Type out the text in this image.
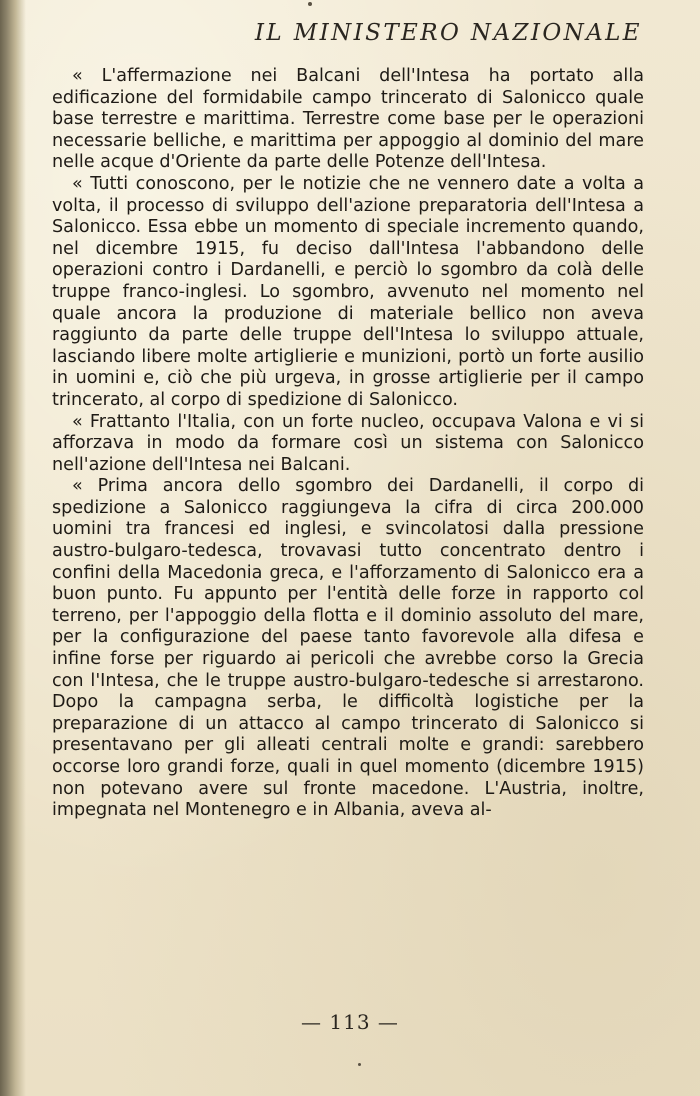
IL MINISTERO NAZIONALE

« L'affermazione nei Balcani dell'Intesa ha portato alla edificazione del formidabile campo trincerato di Salonicco quale base terrestre e marittima. Terrestre come base per le operazioni necessarie belliche, e marittima per appoggio al dominio del mare nelle acque d'Oriente da parte delle Potenze dell'Intesa.

« Tutti conoscono, per le notizie che ne vennero date a volta a volta, il processo di sviluppo dell'azione preparatoria dell'Intesa a Salonicco. Essa ebbe un momento di speciale incremento quando, nel dicembre 1915, fu deciso dall'Intesa l'abbandono delle operazioni contro i Dardanelli, e perciò lo sgombro da colà delle truppe franco-inglesi. Lo sgombro, avvenuto nel momento nel quale ancora la produzione di materiale bellico non aveva raggiunto da parte delle truppe dell'Intesa lo sviluppo attuale, lasciando libere molte artiglierie e munizioni, portò un forte ausilio in uomini e, ciò che più urgeva, in grosse artiglierie per il campo trincerato, al corpo di spedizione di Salonicco.

« Frattanto l'Italia, con un forte nucleo, occupava Valona e vi si afforzava in modo da formare così un sistema con Salonicco nell'azione dell'Intesa nei Balcani.

« Prima ancora dello sgombro dei Dardanelli, il corpo di spedizione a Salonicco raggiungeva la cifra di circa 200.000 uomini tra francesi ed inglesi, e svincolatosi dalla pressione austro-bulgaro-tedesca, trovavasi tutto concentrato dentro i confini della Macedonia greca, e l'afforzamento di Salonicco era a buon punto. Fu appunto per l'entità delle forze in rapporto col terreno, per l'appoggio della flotta e il dominio assoluto del mare, per la configurazione del paese tanto favorevole alla difesa e infine forse per riguardo ai pericoli che avrebbe corso la Grecia con l'Intesa, che le truppe austro-bulgaro-tedesche si arrestarono. Dopo la campagna serba, le difficoltà logistiche per la preparazione di un attacco al campo trincerato di Salonicco si presentavano per gli alleati centrali molte e grandi: sarebbero occorse loro grandi forze, quali in quel momento (dicembre 1915) non potevano avere sul fronte macedone. L'Austria, inoltre, impegnata nel Montenegro e in Albania, aveva al-

— 113 —
